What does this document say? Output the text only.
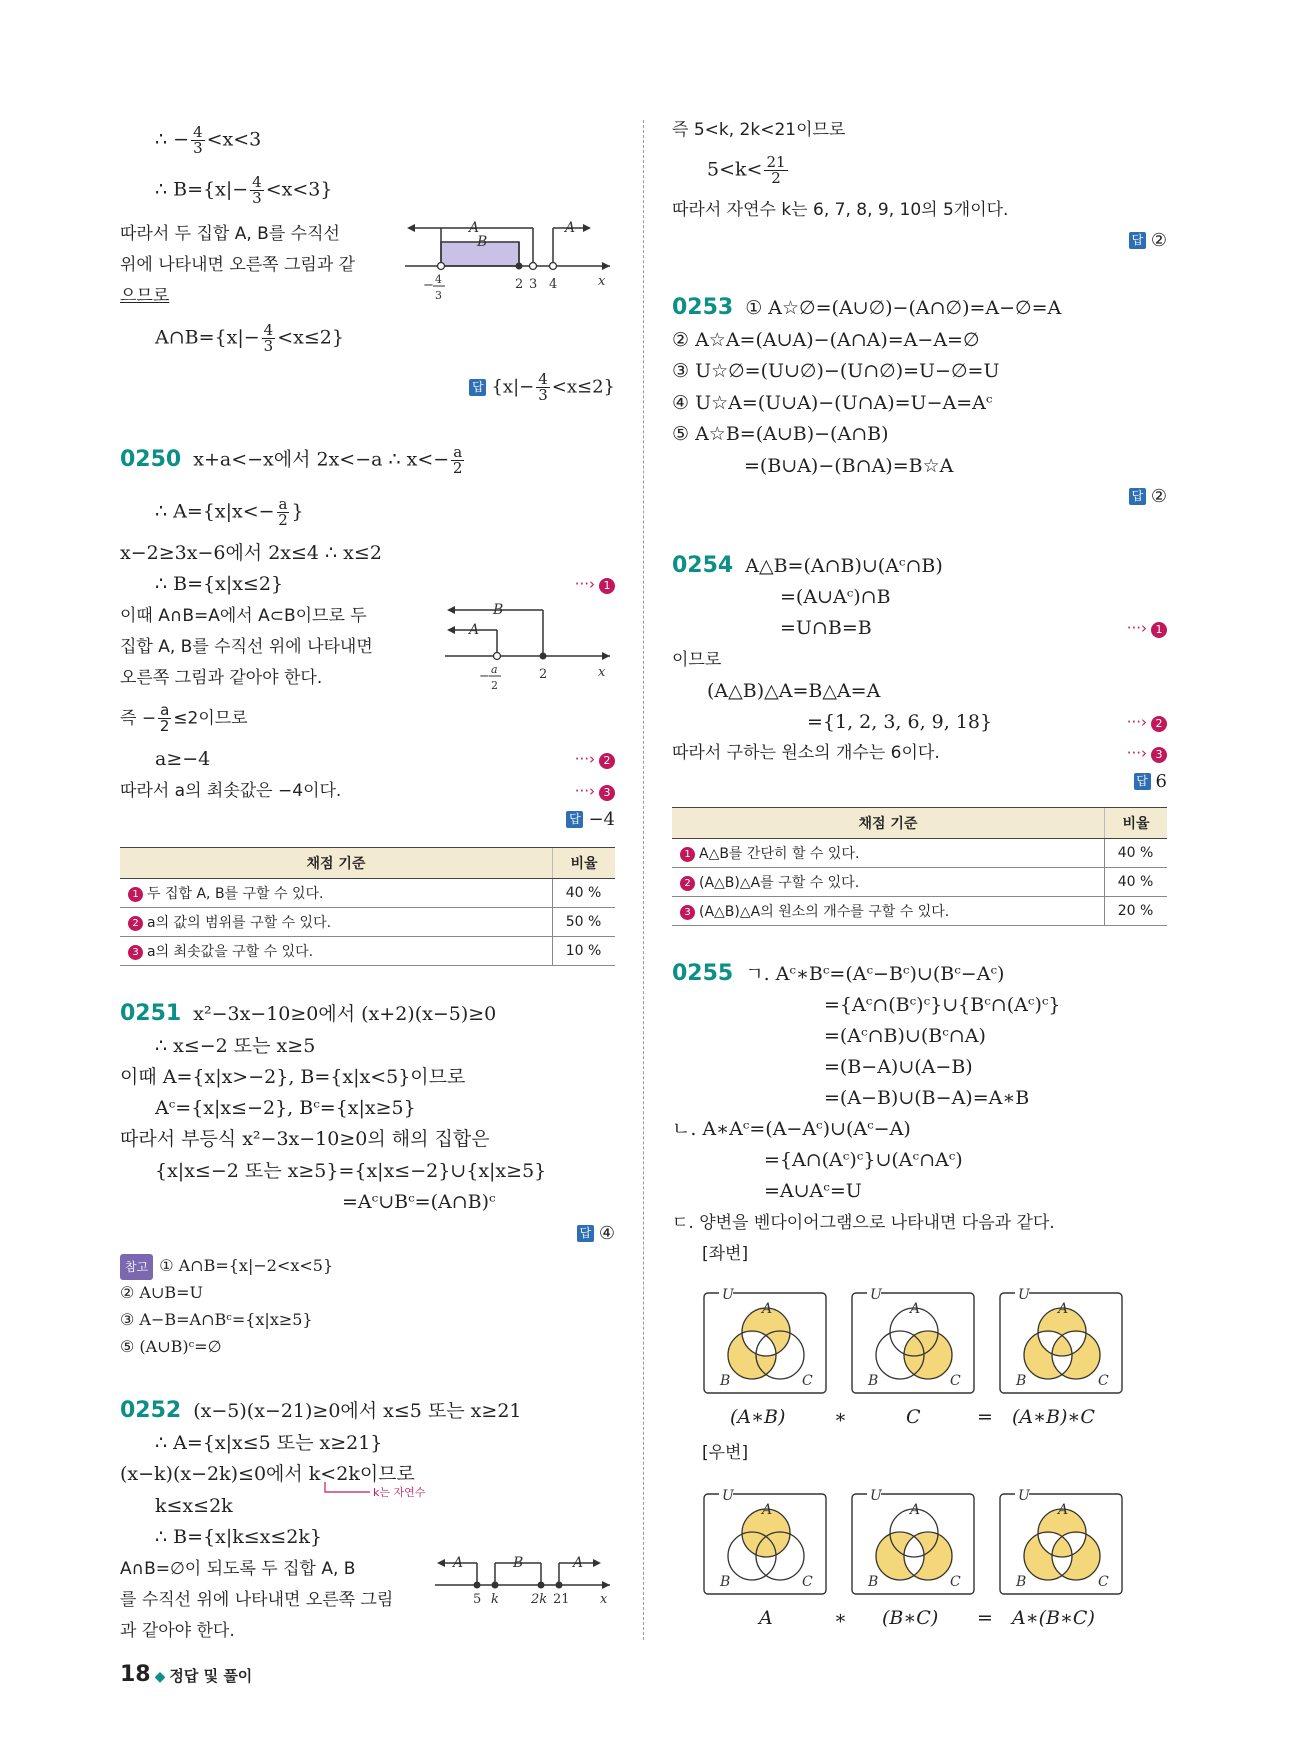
∴ − $\frac{4}{3} <x<3$
∴ $B=\{x|- \frac{4}{3} <x<3\}$
따라서 두 집합 A, B를 수직선
위에 나타내면 오른쪽 그림과 같
으므로
A∩B={x|− $\frac{4}{3} <x\le 2$}
A
B
A
− 4
3
2 3 4	x
답 $\{x|- \frac{4}{3} <x\le 2\}$
0250 x+a<−x에서 2x<−a ∴ $x<- \frac{a}{2}$
∴ $A=\{x|x<- \frac{a}{2}$ }
x−2≥3x−6에서 2x≤4 ∴ x≤2
∴ B={x|x≤2}	···› 1
이때 A∩B=A에서 A⊂B이므로 두
집합 A, B를 수직선 위에 나타내면
오른쪽 그림과 같아야 한다.
B
A
− a
2
2	x
즉 − $\frac{a}{2} \le 2$이므로
a≥−4	···› 2
따라서 a의 최솟값은 −4이다.	···› 3
답 −4
채점 기준	비율
1 두 집합 A, B를 구할 수 있다.	40 %
2 a의 값의 범위를 구할 수 있다.	50 %
3 a의 최솟값을 구할 수 있다.	10 %
0251 x²−3x−10≥0에서 (x+2)(x−5)≥0
∴ x≤−2 또는 x≥5
이때 A={x|x>−2}, B={x|x<5}이므로
Aᶜ={x|x≤−2}, Bᶜ={x|x≥5}
따라서 부등식 x²−3x−10≥0의 해의 집합은
{x|x≤−2 또는 x≥5}={x|x≤−2}∪{x|x≥5}
=Aᶜ∪Bᶜ=(A∩B)ᶜ
답 ④
참고 ① A∩B={x|−2<x<5}
② A∪B=U
③ A−B=A∩Bᶜ={x|x≥5}
⑤ (A∪B)ᶜ=∅
0252 (x−5)(x−21)≥0에서 x≤5 또는 x≥21
∴ A={x|x≤5 또는 x≥21}
(x−k)(x−2k)≤0에서 k<2k이므로
k는 자연수
k≤x≤2k
∴ B={x|k≤x≤2k}
A∩B=∅이 되도록 두 집합 A, B
를 수직선 위에 나타내면 오른쪽 그림
과 같아야 한다.
A	B	A
5 k 2k 21 x
즉 5<k, 2k<21이므로
$5<k< \frac{21}{2}$
따라서 자연수 k는 6, 7, 8, 9, 10의 5개이다.
답 ②
0253 ① A☆∅=(A∪∅)−(A∩∅)=A−∅=A
② A☆A=(A∪A)−(A∩A)=A−A=∅
③ U☆∅=(U∪∅)−(U∩∅)=U−∅=U
④ U☆A=(U∪A)−(U∩A)=U−A=Aᶜ
⑤ A☆B=(A∪B)−(A∩B)
=(B∪A)−(B∩A)=B☆A
답 ②
0254 A△B=(A∩B)∪(Aᶜ∩B)
=(A∪Aᶜ)∩B
=U∩B=B	···› 1
이므로
(A△B)△A=B△A=A
={1, 2, 3, 6, 9, 18}	···› 2
따라서 구하는 원소의 개수는 6이다.	···› 3
답 6
채점 기준	비율
1 A△B를 간단히 할 수 있다.	40 %
2 (A△B)△A를 구할 수 있다.	40 %
3 (A△B)△A의 원소의 개수를 구할 수 있다.	20 %
0255 ㄱ. Aᶜ∗Bᶜ=(Aᶜ−Bᶜ)∪(Bᶜ−Aᶜ)
={Aᶜ∩(Bᶜ)ᶜ}∪{Bᶜ∩(Aᶜ)ᶜ}
=(Aᶜ∩B)∪(Bᶜ∩A)
=(B−A)∪(A−B)
=(A−B)∪(B−A)=A∗B
ㄴ. A∗Aᶜ=(A−Aᶜ)∪(Aᶜ−A)
={A∩(Aᶜ)ᶜ}∪(Aᶜ∩Aᶜ)
=A∪Aᶜ=U
ㄷ. 양변을 벤다이어그램으로 나타내면 다음과 같다.
[좌변]
U
A
B	C
U
A
B	C
U
A
B	C
(A∗B)	∗	C	= (A∗B)∗C
[우변]
U
A
B	C
U
A
B	C
U
A
B	C
A	∗ (B∗C) = A∗(B∗C)
18 ◆ 정답 및 풀이
